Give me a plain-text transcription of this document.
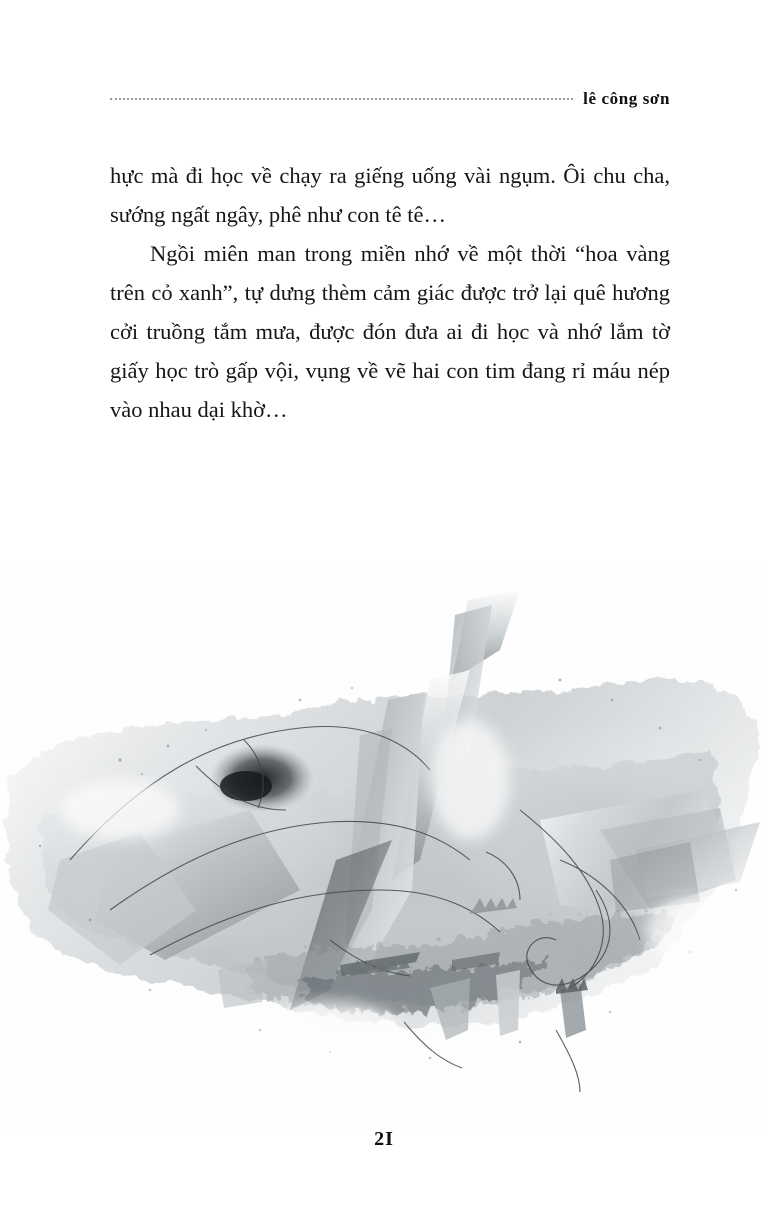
lê công sơn

hực mà đi học về chạy ra giếng uống vài ngụm. Ôi chu cha, sướng ngất ngây, phê như con tê tê…

Ngồi miên man trong miền nhớ về một thời “hoa vàng trên cỏ xanh”, tự dưng thèm cảm giác được trở lại quê hương cởi truồng tắm mưa, được đón đưa ai đi học và nhớ lắm tờ giấy học trò gấp vội, vụng về vẽ hai con tim đang rỉ máu nép vào nhau dại khờ…

2I
